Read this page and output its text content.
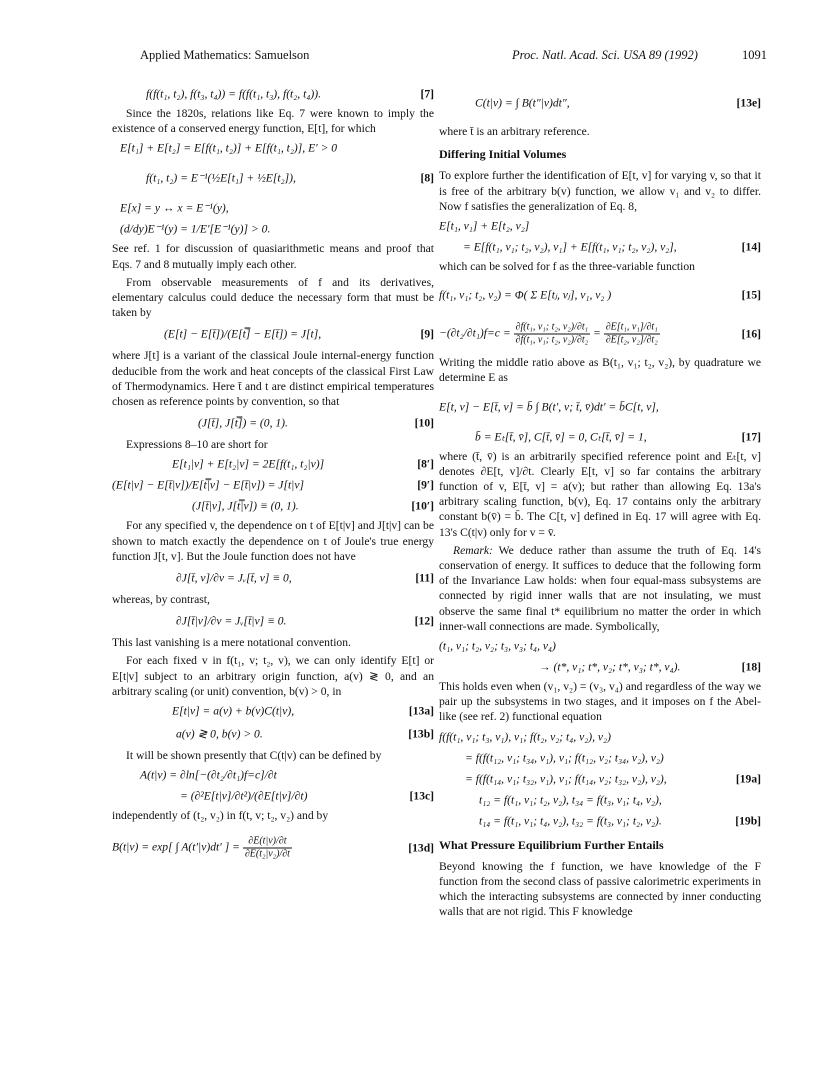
Applied Mathematics: Samuelson	Proc. Natl. Acad. Sci. USA 89 (1992)	1091
f(f(t₁, t₂), f(t₃, t₄)) = f(f(t₁, t₃), f(t₂, t₄)).	[7]

Since the 1820s, relations like Eq. 7 were known to imply the existence of a conserved energy function, E[t], for which

E[t₁] + E[t₂] = E[f(t₁, t₂)] + E[f(t₁, t₂)], E′ > 0
f(t₁, t₂) = E⁻¹(½E[t₁] + ½E[t₂]),	[8]
E[x] = y ↔ x = E⁻¹(y),
(d/dy)E⁻¹(y) = 1/E′[E⁻¹(y)] > 0.

See ref. 1 for discussion of quasiarithmetic means and proof that Eqs. 7 and 8 mutually imply each other.

From observable measurements of f and its derivatives, elementary calculus could deduce the necessary form that must be taken by

(E[t] − E[t̄])/(E[t̿] − E[t̄]) = J[t],	[9]

where J[t] is a variant of the classical Joule internal-energy function deducible from the work and heat concepts of the classical First Law of Thermodynamics. Here t̄ and t are distinct empirical temperatures chosen as reference points by convention, so that

(J[t̄], J[t̿]) = (0, 1).	[10]

Expressions 8–10 are short for

E[t₁|v] + E[t₂|v] = 2E[f(t₁, t₂|v)]	[8′]
(E[t|v] − E[t̄|v])/E[t̿|v] − E[t̄|v]) = J[t|v]	[9′]
(J[t̄|v], J[t̿|v]) ≡ (0, 1).	[10′]

For any specified v, the dependence on t of E[t|v] and J[t|v] can be shown to match exactly the dependence on t of Joule's true energy function J[t, v]. But the Joule function does not have

∂J[t̄, v]/∂v = Jᵥ[t̄, v] ≡ 0,	[11]

whereas, by contrast,

∂J[t̄|v]/∂v = Jᵥ[t̄|v] ≡ 0.	[12]

This last vanishing is a mere notational convention.

For each fixed v in f(t₁, v; t₂, v), we can only identify E[t] or E[t|v] subject to an arbitrary origin function, a(v) ≷ 0, and an arbitrary scaling (or unit) convention, b(v) > 0, in

E[t|v] = a(v) + b(v)C(t|v),	[13a]
a(v) ≷ 0, b(v) > 0.	[13b]

It will be shown presently that C(t|v) can be defined by

A(t|v) = ∂ln[−(∂t₂/∂t₁)f=c]/∂t
= (∂²E[t|v]/∂t²)/(∂E[t|v]/∂t)	[13c]

independently of (t₂, v₂) in f(t, v; t₂, v₂) and by

B(t|v) = exp[ ∫ A(t′|v)dt′ ] = $\frac{\partial E(t|v)/\partial t}{\text{∂E(t₂|v₂)/∂t}}$	[13d]
C(t|v) = ∫ B(t″|v)dt″,	[13e]

where t̄ is an arbitrary reference.

Differing Initial Volumes

To explore further the identification of E[t, v] for varying v, so that it is free of the arbitrary b(v) function, we allow v₁ and v₂ to differ. Now f satisfies the generalization of Eq. 8,

E[t₁, v₁] + E[t₂, v₂]
= E[f(t₁, v₁; t₂, v₂), v₁] + E[f(t₁, v₁; t₂, v₂), v₂],	[14]

which can be solved for f as the three-variable function

f(t₁, v₁; t₂, v₂) = Φ( Σ E[tⱼ, vⱼ], v₁, v₂ )	[15]
$-(\partial t_2/\partial t_1)f=c = \frac{\text{∂f(t₁, v₁; t₂, v₂)/∂t₁}}{\text{∂f(t₁, v₁; t₂, v₂)/∂t₂}} = \frac{\text{∂E[t₁, v₁]/∂t₁}}{\text{∂E[t₂, v₂]/∂t₂}}$	[16]

Writing the middle ratio above as B(t₁, v₁; t₂, v₂), by quadrature we determine E as

E[t, v] − E[t̄, v] = b̄ ∫ B(t′, v; t̄, v̄)dt′ = b̄C[t, v],
b̄ = Eₜ[t̄, v̄], C[t̄, v̄] = 0, Cₜ[t̄, v̄] = 1,	[17]

where (t̄, v̄) is an arbitrarily specified reference point and Eₜ[t, v] denotes ∂E[t, v]/∂t. Clearly E[t, v] so far contains the arbitrary function of v, E[t̄, v] = a(v); but rather than allowing Eq. 13a's arbitrary scaling function, b(v), Eq. 17 contains only the arbitrary constant b(v̄) = b̄. The C[t, v] defined in Eq. 17 will agree with Eq. 13's C(t|v) only for v = v̄.

Remark: We deduce rather than assume the truth of Eq. 14's conservation of energy. It suffices to deduce that the following form of the Invariance Law holds: when four equal-mass subsystems are connected by rigid inner walls that are not insulating, we must observe the same final t* equilibrium no matter the order in which inner-wall connections are made. Symbolically,

(t₁, v₁; t₂, v₂; t₃, v₃; t₄, v₄)
→ (t*, v₁; t*, v₂; t*, v₃; t*, v₄).	[18]

This holds even when (v₁, v₂) = (v₃, v₄) and regardless of the way we pair up the subsystems in two stages, and it imposes on f the Abel-like (see ref. 2) functional equation

f(f(t₁, v₁; t₃, v₁), v₁; f(t₂, v₂; t₄, v₂), v₂)
= f(f(t₁₂, v₁; t₃₄, v₁), v₁; f(t₁₂, v₂; t₃₄, v₂), v₂)
= f(f(t₁₄, v₁; t₃₂, v₁), v₁; f(t₁₄, v₂; t₃₂, v₂), v₂),	[19a]
t₁₂ = f(t₁, v₁; t₂, v₂), t₃₄ = f(t₃, v₁; t₄, v₂),
t₁₄ = f(t₁, v₁; t₄, v₂), t₃₂ = f(t₃, v₁; t₂, v₂).	[19b]
What Pressure Equilibrium Further Entails

Beyond knowing the f function, we have knowledge of the F function from the second class of passive calorimetric experiments in which the interacting subsystems are connected by inner conducting walls that are not rigid. This F knowledge
